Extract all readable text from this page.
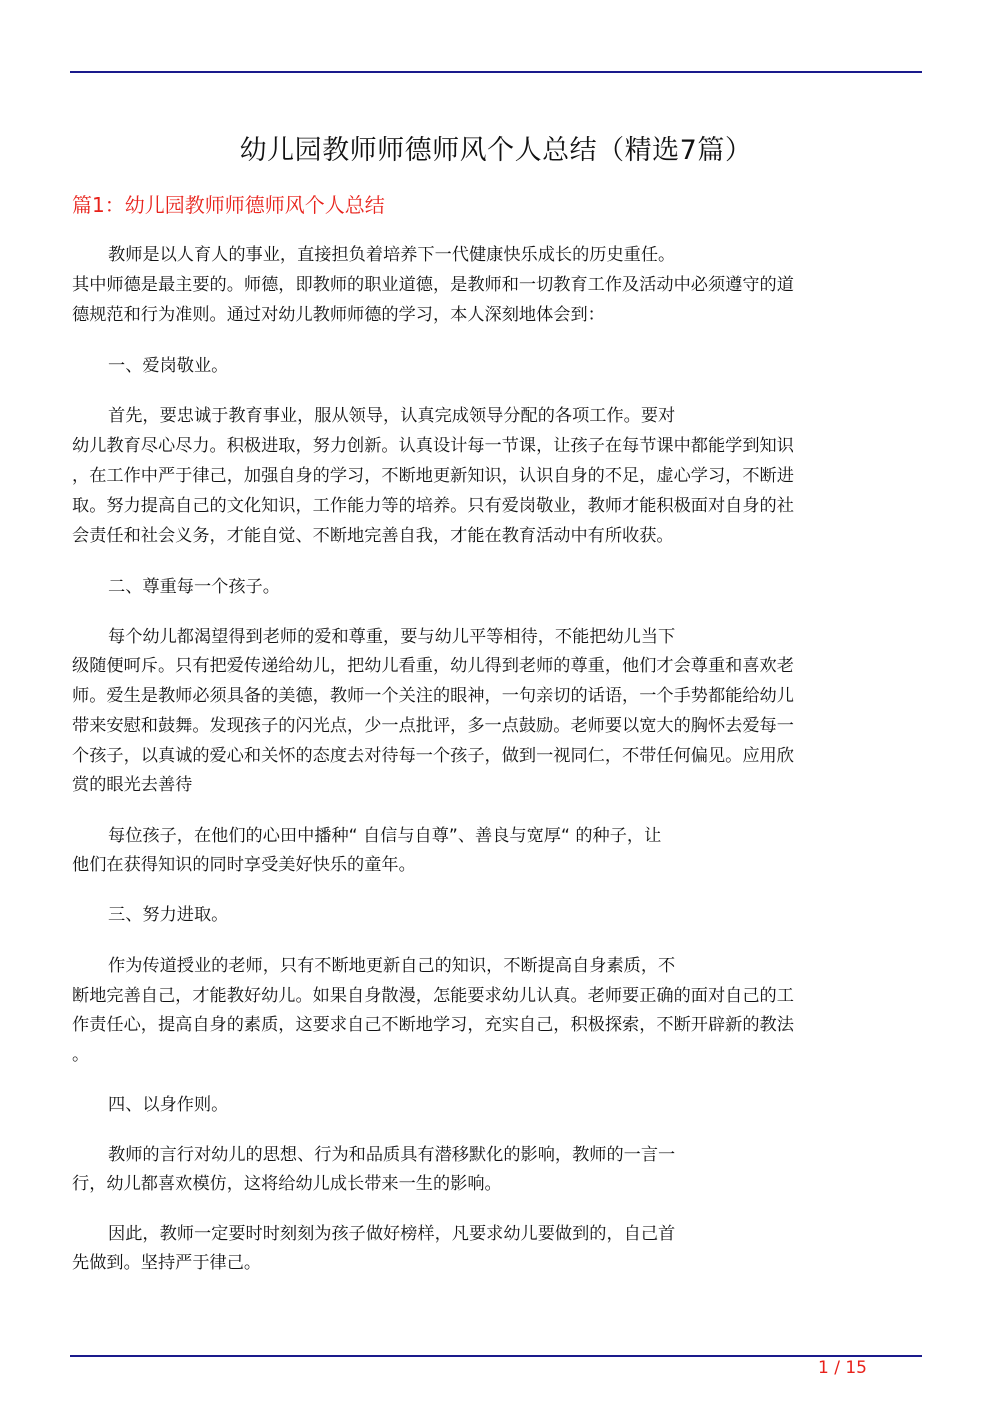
幼儿园教师师德师风个人总结（精选7篇）
篇1：幼儿园教师师德师风个人总结
教师是以人育人的事业，直接担负着培养下一代健康快乐成长的历史重任。
其中师德是最主要的。师德，即教师的职业道德，是教师和一切教育工作及活动中必须遵守的道
德规范和行为准则。通过对幼儿教师师德的学习，本人深刻地体会到：
一、爱岗敬业。
首先，要忠诚于教育事业，服从领导，认真完成领导分配的各项工作。要对
幼儿教育尽心尽力。积极进取，努力创新。认真设计每一节课，让孩子在每节课中都能学到知识
，在工作中严于律己，加强自身的学习，不断地更新知识，认识自身的不足，虚心学习，不断进
取。努力提高自己的文化知识，工作能力等的培养。只有爱岗敬业，教师才能积极面对自身的社
会责任和社会义务，才能自觉、不断地完善自我，才能在教育活动中有所收获。
二、尊重每一个孩子。
每个幼儿都渴望得到老师的爱和尊重，要与幼儿平等相待，不能把幼儿当下
级随便呵斥。只有把爱传递给幼儿，把幼儿看重，幼儿得到老师的尊重，他们才会尊重和喜欢老
师。爱生是教师必须具备的美德，教师一个关注的眼神，一句亲切的话语，一个手势都能给幼儿
带来安慰和鼓舞。发现孩子的闪光点，少一点批评，多一点鼓励。老师要以宽大的胸怀去爱每一
个孩子，以真诚的爱心和关怀的态度去对待每一个孩子，做到一视同仁，不带任何偏见。应用欣
赏的眼光去善待
每位孩子，在他们的心田中播种“ 自信与自尊”、善良与宽厚“ 的种子，让
他们在获得知识的同时享受美好快乐的童年。
三、努力进取。
作为传道授业的老师，只有不断地更新自己的知识，不断提高自身素质，不
断地完善自己，才能教好幼儿。如果自身散漫，怎能要求幼儿认真。老师要正确的面对自己的工
作责任心，提高自身的素质，这要求自己不断地学习，充实自己，积极探索，不断开辟新的教法
。
四、以身作则。
教师的言行对幼儿的思想、行为和品质具有潜移默化的影响，教师的一言一
行，幼儿都喜欢模仿，这将给幼儿成长带来一生的影响。
因此，教师一定要时时刻刻为孩子做好榜样，凡要求幼儿要做到的，自己首
先做到。坚持严于律己。
1 / 15
